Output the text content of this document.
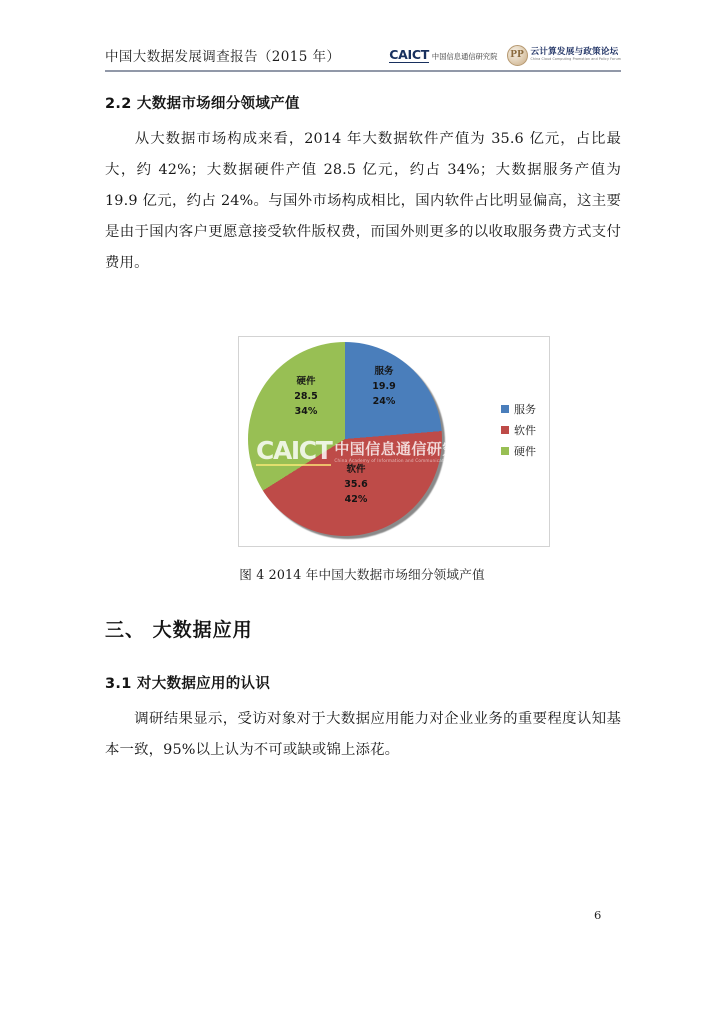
中国大数据发展调查报告（2015 年）	CAICT 中国信息通信研究院 PP 云计算发展与政策论坛
China Cloud Computing Promotion and Policy Forum
2.2 大数据市场细分领域产值
从大数据市场构成来看，2014 年大数据软件产值为 35.6 亿元，占比最大，约 42%；大数据硬件产值 28.5 亿元，约占 34%；大数据服务产值为 19.9 亿元，约占 24%。与国外市场构成相比，国内软件占比明显偏高，这主要是由于国内客户更愿意接受软件版权费，而国外则更多的以收取服务费方式支付费用。
CAICT 中国信息通信研究院
China Academy of Information and Communications Technology
服务
19.9
24%
软件
35.6
42%
硬件
28.5
34%	服务
软件
硬件
图 4 2014 年中国大数据市场细分领域产值
三、 大数据应用
3.1 对大数据应用的认识
调研结果显示，受访对象对于大数据应用能力对企业业务的重要程度认知基本一致，95%以上认为不可或缺或锦上添花。
6
